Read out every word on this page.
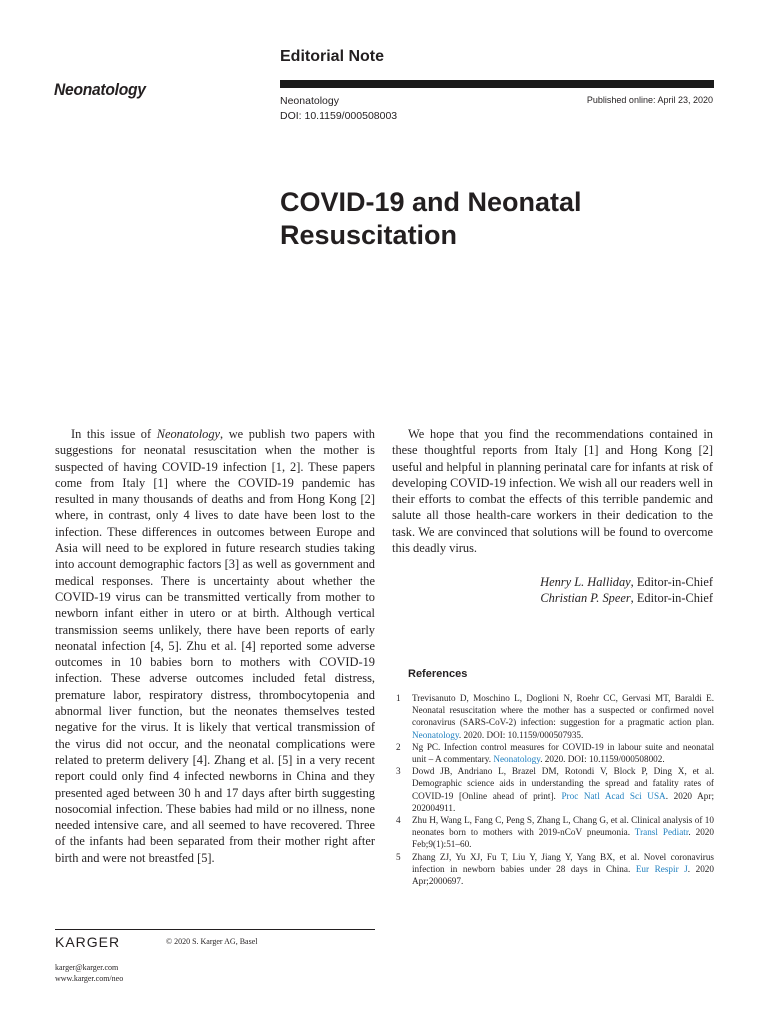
Editorial Note
Neonatology
Neonatology
DOI: 10.1159/000508003
Published online: April 23, 2020
COVID-19 and Neonatal
Resuscitation

In this issue of Neonatology, we publish two papers with suggestions for neonatal resuscitation when the mother is suspected of having COVID-19 infection [1, 2]. These papers come from Italy [1] where the COVID-19 pandemic has resulted in many thousands of deaths and from Hong Kong [2] where, in contrast, only 4 lives to date have been lost to the infection. These differences in outcomes between Europe and Asia will need to be explored in future research studies taking into account demographic factors [3] as well as government and medical responses. There is uncertainty about whether the COVID-19 virus can be transmitted vertically from mother to newborn infant either in utero or at birth. Although vertical transmission seems unlikely, there have been reports of early neonatal infection [4, 5]. Zhu et al. [4] reported some adverse outcomes in 10 babies born to mothers with COVID-19 infection. These adverse outcomes included fetal distress, premature labor, respiratory distress, thrombocytopenia and abnormal liver function, but the neonates themselves tested negative for the virus. It is likely that vertical transmission of the virus did not occur, and the neonatal complications were related to preterm delivery [4]. Zhang et al. [5] in a very recent report could only find 4 infected newborns in China and they presented aged between 30 h and 17 days after birth suggesting nosocomial infection. These babies had mild or no illness, none needed intensive care, and all seemed to have recovered. Three of the infants had been separated from their mother right after birth and were not breastfed [5].

We hope that you find the recommendations contained in these thoughtful reports from Italy [1] and Hong Kong [2] useful and helpful in planning perinatal care for infants at risk of developing COVID-19 infection. We wish all our readers well in their efforts to combat the effects of this terrible pandemic and salute all those health-care workers in their dedication to the task. We are convinced that solutions will be found to overcome this deadly virus.

Henry L. Halliday, Editor-in-Chief
Christian P. Speer, Editor-in-Chief
References
1 Trevisanuto D, Moschino L, Doglioni N, Roehr CC, Gervasi MT, Baraldi E. Neonatal resuscitation where the mother has a suspected or confirmed novel coronavirus (SARS-CoV-2) infection: suggestion for a pragmatic action plan. Neonatology. 2020. DOI: 10.1159/000507935.
2 Ng PC. Infection control measures for COVID-19 in labour suite and neonatal unit – A commentary. Neonatology. 2020. DOI: 10.1159/000508002.
3 Dowd JB, Andriano L, Brazel DM, Rotondi V, Block P, Ding X, et al. Demographic science aids in understanding the spread and fatality rates of COVID-19 [Online ahead of print]. Proc Natl Acad Sci USA. 2020 Apr; 202004911.
4 Zhu H, Wang L, Fang C, Peng S, Zhang L, Chang G, et al. Clinical analysis of 10 neonates born to mothers with 2019-nCoV pneumonia. Transl Pediatr. 2020 Feb;9(1):51–60.
5 Zhang ZJ, Yu XJ, Fu T, Liu Y, Jiang Y, Yang BX, et al. Novel coronavirus infection in newborn babies under 28 days in China. Eur Respir J. 2020 Apr;2000697.
KARGER	© 2020 S. Karger AG, Basel
karger@karger.com
www.karger.com/neo
